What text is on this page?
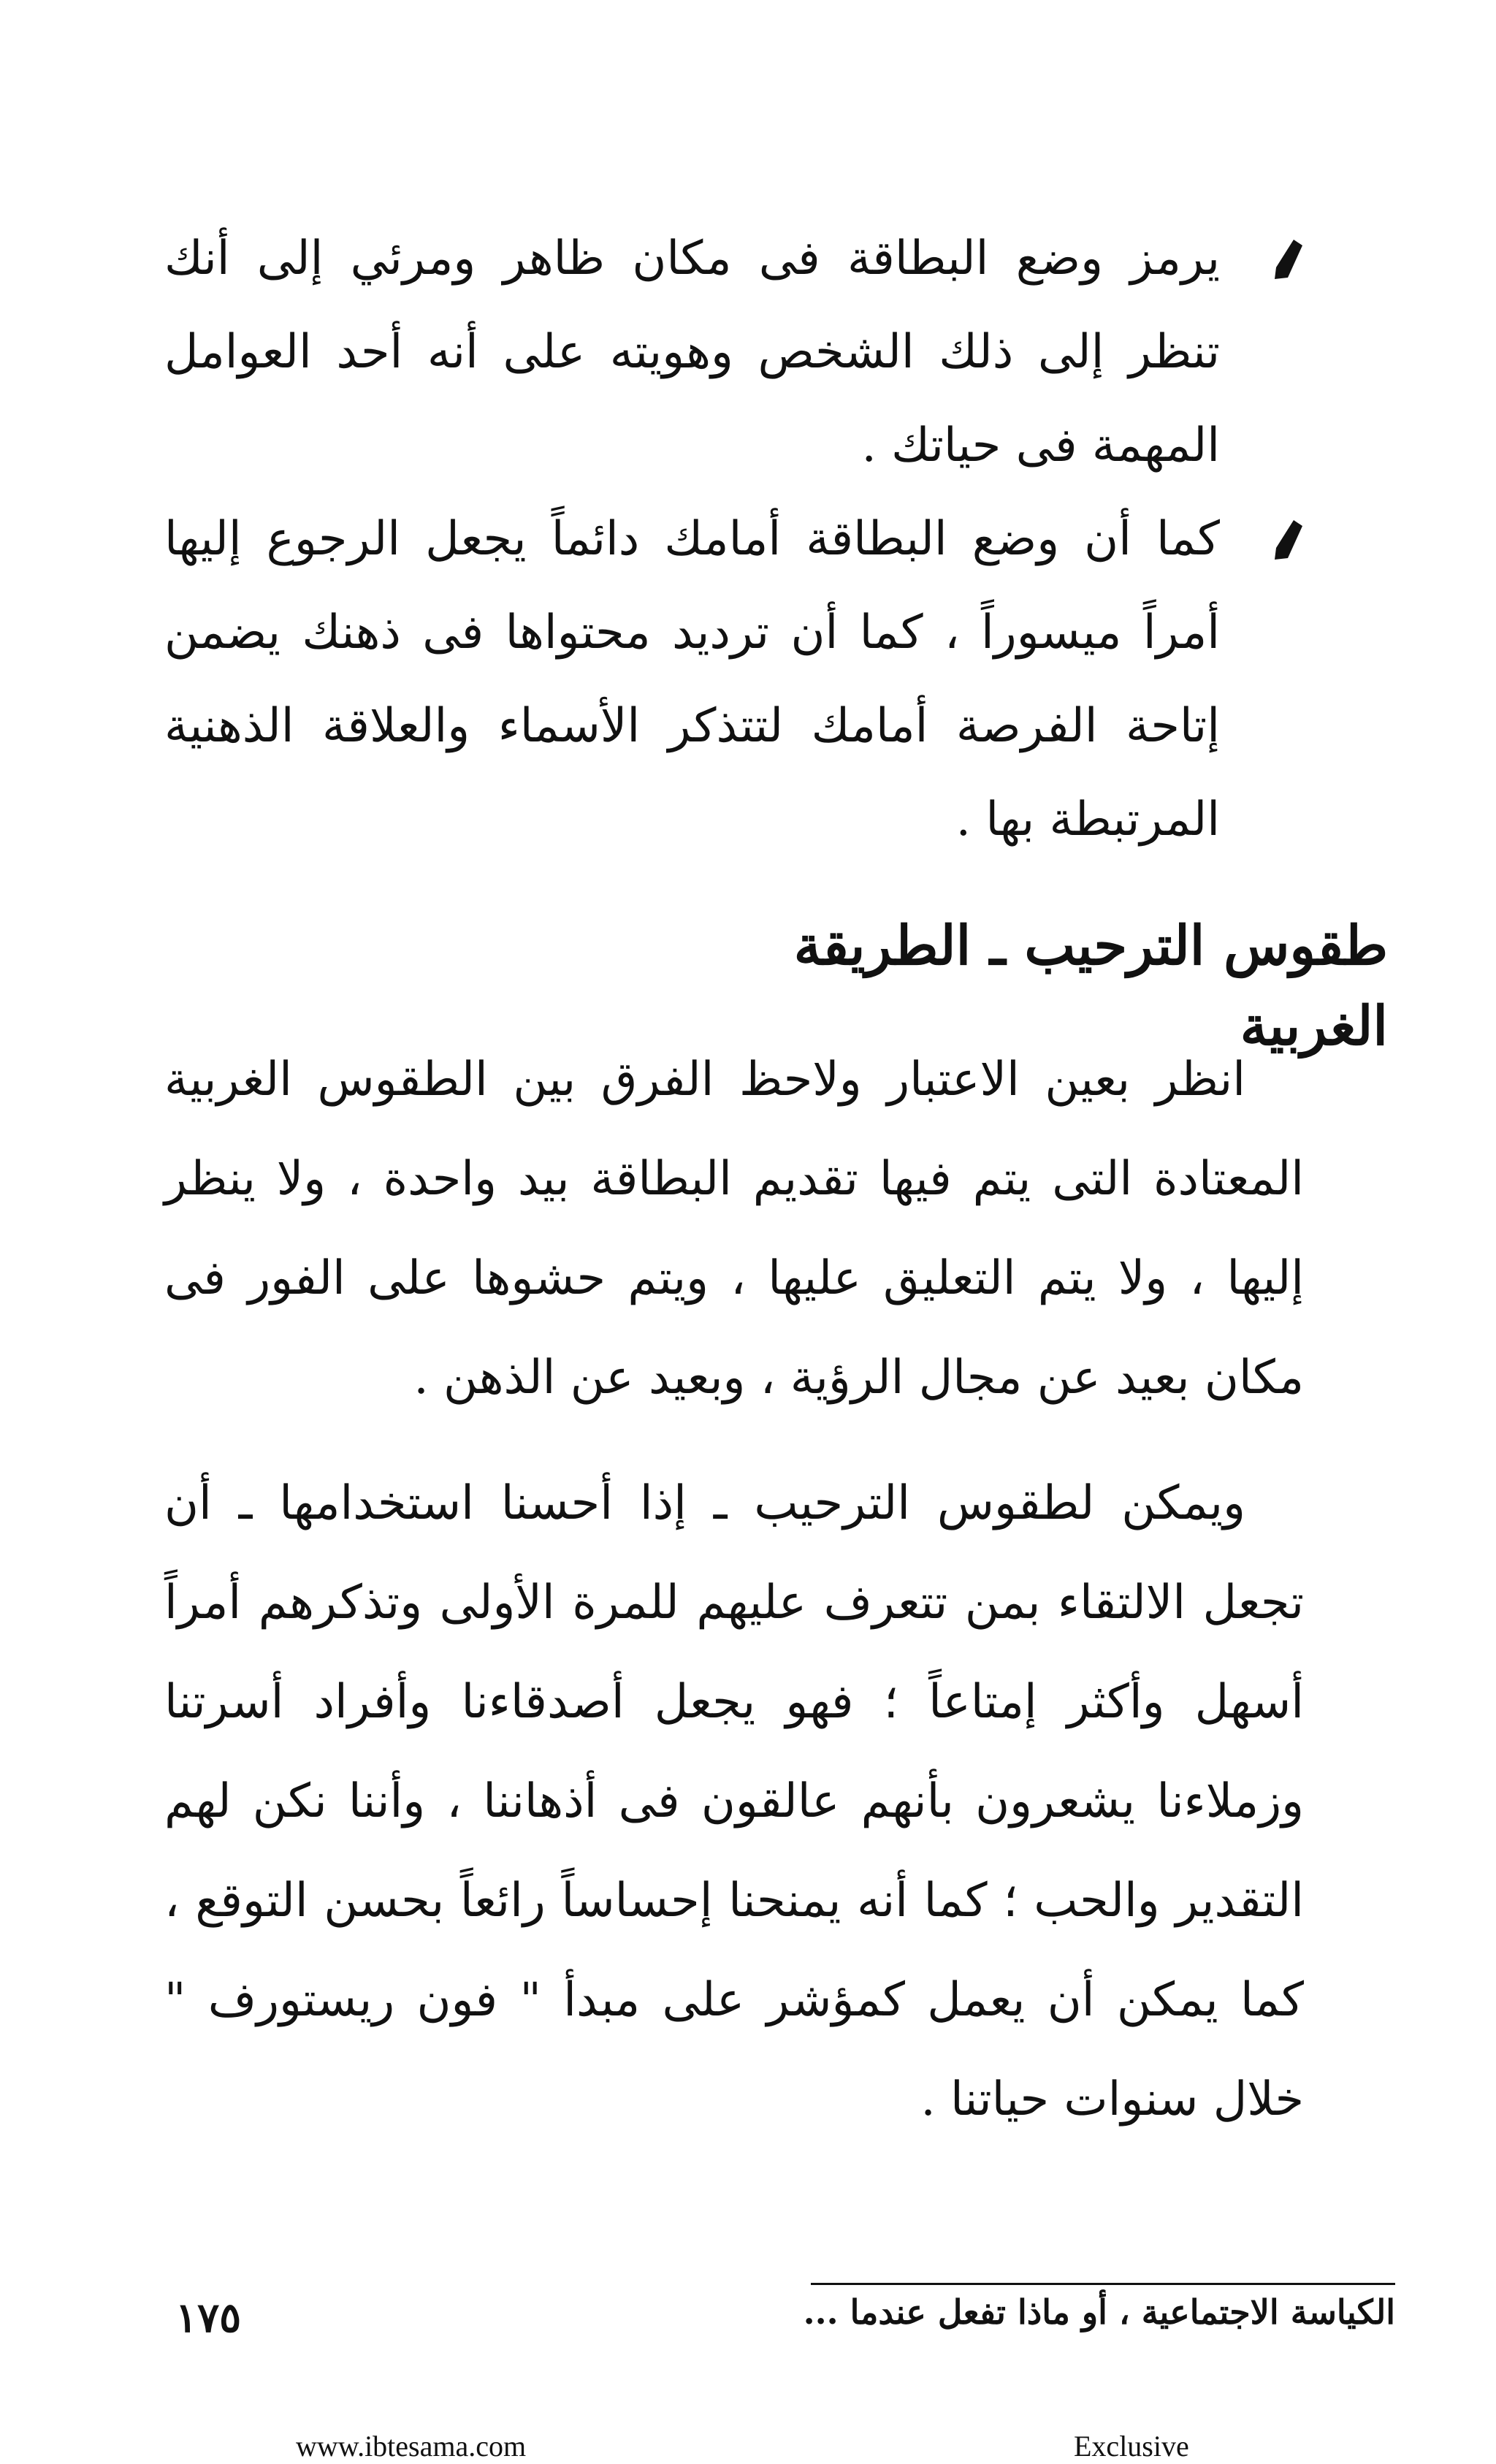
يرمز وضع البطاقة فى مكان ظاهر ومرئي إلى أنك تنظر إلى ذلك الشخص وهويته على أنه أحد العوامل المهمة فى حياتك .
كما أن وضع البطاقة أمامك دائماً يجعل الرجوع إليها أمراً ميسوراً ، كما أن ترديد محتواها فى ذهنك يضمن إتاحة الفرصة أمامك لتتذكر الأسماء والعلاقة الذهنية المرتبطة بها .
طقوس الترحيب ـ الطريقة الغربية

انظر بعين الاعتبار ولاحظ الفرق بين الطقوس الغربية المعتادة التى يتم فيها تقديم البطاقة بيد واحدة ، ولا ينظر إليها ، ولا يتم التعليق عليها ، ويتم حشوها على الفور فى مكان بعيد عن مجال الرؤية ، وبعيد عن الذهن .

ويمكن لطقوس الترحيب ـ إذا أحسنا استخدامها ـ أن تجعل الالتقاء بمن تتعرف عليهم للمرة الأولى وتذكرهم أمراً أسهل وأكثر إمتاعاً ؛ فهو يجعل أصدقاءنا وأفراد أسرتنا وزملاءنا يشعرون بأنهم عالقون فى أذهاننا ، وأننا نكن لهم التقدير والحب ؛ كما أنه يمنحنا إحساساً رائعاً بحسن التوقع ، كما يمكن أن يعمل كمؤشر على مبدأ " فون ريستورف " خلال سنوات حياتنا .

الكياسة الاجتماعية ، أو ماذا تفعل عندما ...
١٧٥
www.ibtesama.com	Exclusive
